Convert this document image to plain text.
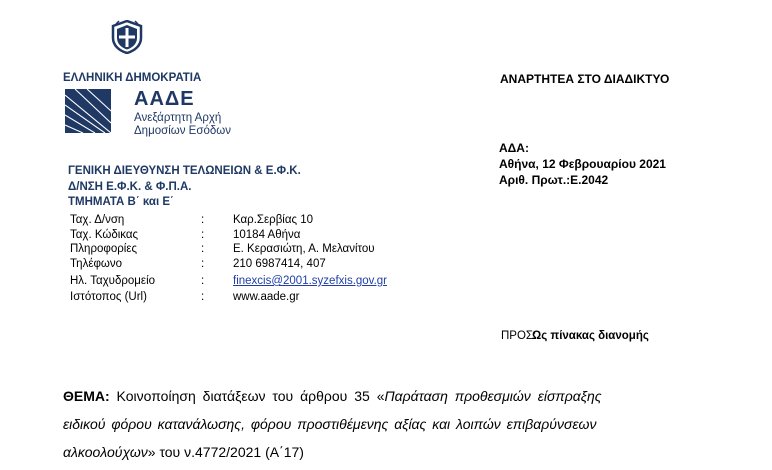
ΕΛΛΗΝΙΚΗ ΔΗΜΟΚΡΑΤΙΑ	ΑΝΑΡΤΗΤΕΑ ΣΤΟ ΔΙΑΔΙΚΤΥΟ
ΑΑΔΕ
Ανεξάρτητη Αρχή
Δημοσίων Εσόδων
ΓΕΝΙΚΗ ΔΙΕΥΘΥΝΣΗ ΤΕΛΩΝΕΙΩΝ & Ε.Φ.Κ.
Δ/ΝΣΗ Ε.Φ.Κ. & Φ.Π.Α.
ΤΜΗΜΑΤΑ Β΄ και Ε΄
ΑΔΑ:
Αθήνα, 12 Φεβρουαρίου 2021
Αριθ. Πρωτ.:Ε.2042
Ταχ. Δ/νση	:	Καρ.Σερβίας 10
Ταχ. Κώδικας	:	10184 Αθήνα
Πληροφορίες	:	Ε. Κερασιώτη, Α. Μελανίτου
Τηλέφωνο	:	210 6987414, 407
Ηλ. Ταχυδρομείο	:	finexcis@2001.syzefxis.gov.gr
Ιστότοπος (Url)	:	www.aade.gr
ΠΡΟΣ:
Ως πίνακας διανομής
ΘΕΜΑ: Κοινοποίηση διατάξεων του άρθρου 35 «Παράταση προθεσμιών είσπραξης
ειδικού φόρου κατανάλωσης, φόρου προστιθέμενης αξίας και λοιπών επιβαρύνσεων
αλκοολούχων» του ν.4772/2021 (Α΄17)
